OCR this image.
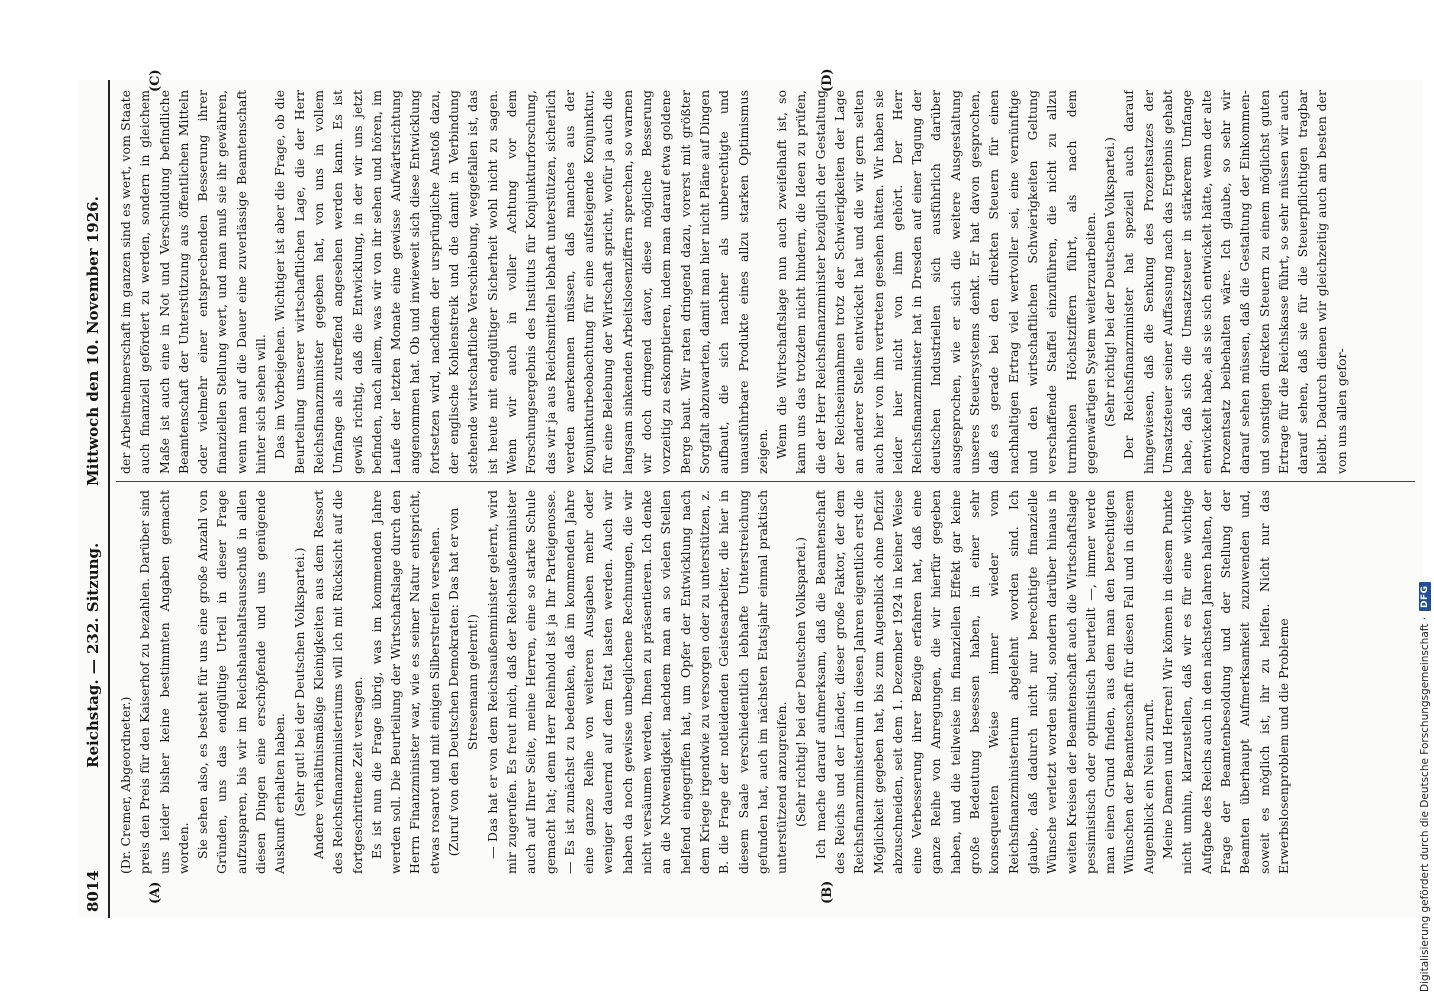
8014
Reichstag. — 232. Sitzung.
Mittwoch den 10. November 1926.
(A)	(B)
(C)	(D)

(Dr. Cremer, Abgeordneter.) preis den Preis für den Kaiserhof zu bezahlen. Darüber sind uns leider bisher keine bestimmten Angaben gemacht worden. Sie sehen also, es besteht für uns eine große Anzahl von Gründen, uns das endgültige Urteil in dieser Frage aufzusparen, bis wir im Reichshaushaltsausschuß in allen diesen Dingen eine erschöpfende und uns genügende Auskunft erhalten haben. (Sehr gut! bei der Deutschen Volkspartei.) Andere verhältnismäßige Kleinigkeiten aus dem Ressort des Reichsfinanzministeriums will ich mit Rücksicht auf die fortgeschrittene Zeit versagen. Es ist nun die Frage übrig, was im kommenden Jahre werden soll. Die Beurteilung der Wirtschaftslage durch den Herrn Finanzminister war, wie es seiner Natur entspricht, etwas rosarot und mit einigen Silberstreifen versehen. (Zuruf von den Deutschen Demokraten: Das hat er von Stresemann gelernt!) — Das hat er von dem Reichsaußenminister gelernt, wird mir zugerufen. Es freut mich, daß der Reichsaußenminister auch auf Ihrer Seite, meine Herren, eine so starke Schule gemacht hat; denn Herr Reinhold ist ja Ihr Parteigenosse. — Es ist zunächst zu bedenken, daß im kommenden Jahre eine ganze Reihe von weiteren Ausgaben mehr oder weniger dauernd auf dem Etat lasten werden. Auch wir haben da noch gewisse unbeglichene Rechnungen, die wir nicht versäumen werden, Ihnen zu präsentieren. Ich denke an die Notwendigkeit, nachdem man an so vielen Stellen helfend eingegriffen hat, um Opfer der Entwicklung nach dem Kriege irgendwie zu versorgen oder zu unterstützen, z. B. die Frage der notleidenden Geistesarbeiter, die hier in diesem Saale verschiedentlich lebhafte Unterstreichung gefunden hat, auch im nächsten Etatsjahr einmal praktisch unterstützend anzugreifen. (Sehr richtig! bei der Deutschen Volkspartei.) Ich mache darauf aufmerksam, daß die Beamtenschaft des Reichs und der Länder, dieser große Faktor, der dem Reichsfinanzministerium in diesen Jahren eigentlich erst die Möglichkeit gegeben hat, bis zum Augenblick ohne Defizit abzuschneiden, seit dem 1. Dezember 1924 in keiner Weise eine Verbesserung ihrer Bezüge erfahren hat, daß eine ganze Reihe von Anregungen, die wir hierfür gegeben haben, und die teilweise im finanziellen Effekt gar keine große Bedeutung besessen haben, in einer sehr konsequenten Weise immer wieder vom Reichsfinanzministerium abgelehnt worden sind. Ich glaube, daß dadurch nicht nur berechtigte finanzielle Wünsche verletzt worden sind, sondern darüber hinaus in weiten Kreisen der Beamtenschaft auch die Wirtschaftslage pessimistisch oder optimistisch beurteilt —, immer werde man einen Grund finden, aus dem man den berechtigten Wünschen der Beamtenschaft für diesen Fall und in diesem Augenblick ein Nein zuruft. Meine Damen und Herren! Wir können in diesem Punkte nicht umhin, klarzustellen, daß wir es für eine wichtige Aufgabe des Reichs auch in den nächsten Jahren halten, der Frage der Beamtenbesoldung und der Stellung der Beamten überhaupt Aufmerksamkeit zuzuwenden und, soweit es möglich ist, ihr zu helfen. Nicht nur das Erwerbslosenproblem und die Probleme

der Arbeitnehmerschaft im ganzen sind es wert, vom Staate auch finanziell gefördert zu werden, sondern in gleichem Maße ist auch eine in Not und Verschuldung befindliche Beamtenschaft der Unterstützung aus öffentlichen Mitteln oder vielmehr einer entsprechenden Besserung ihrer finanziellen Stellung wert, und man muß sie ihr gewähren, wenn man auf die Dauer eine zuverlässige Beamtenschaft hinter sich sehen will. Das im Vorbeigehen. Wichtiger ist aber die Frage, ob die Beurteilung unserer wirtschaftlichen Lage, die der Herr Reichsfinanzminister gegeben hat, von uns in vollem Umfange als zutreffend angesehen werden kann. Es ist gewiß richtig, daß die Entwicklung, in der wir uns jetzt befinden, nach allem, was wir von ihr sehen und hören, im Laufe der letzten Monate eine gewisse Aufwärtsrichtung angenommen hat. Ob und inwieweit sich diese Entwicklung fortsetzen wird, nachdem der ursprüngliche Anstoß dazu, der englische Kohlenstreik und die damit in Verbindung stehende wirtschaftliche Verschiebung, weggefallen ist, das ist heute mit endgültiger Sicherheit wohl nicht zu sagen. Wenn wir auch in voller Achtung vor dem Forschungsergebnis des Instituts für Konjunkturforschung, das wir ja aus Reichsmitteln lebhaft unterstützen, sicherlich werden anerkennen müssen, daß manches aus der Konjunkturbeobachtung für eine aufsteigende Konjunktur, für eine Belebung der Wirtschaft spricht, wofür ja auch die langsam sinkenden Arbeitslosenziffern sprechen, so warnen wir doch dringend davor, diese mögliche Besserung vorzeitig zu eskomptieren, indem man darauf etwa goldene Berge baut. Wir raten dringend dazu, vorerst mit größter Sorgfalt abzuwarten, damit man hier nicht Pläne auf Dingen aufbaut, die sich nachher als unberechtigte und unausführbare Produkte eines allzu starken Optimismus zeigen. Wenn die Wirtschaftslage nun auch zweifelhaft ist, so kann uns das trotzdem nicht hindern, die Ideen zu prüfen, die der Herr Reichsfinanzminister bezüglich der Gestaltung der Reichseinnahmen trotz der Schwierigkeiten der Lage an anderer Stelle entwickelt hat und die wir gern selten auch hier von ihm vertreten gesehen hätten. Wir haben sie leider hier nicht von ihm gehört. Der Herr Reichsfinanzminister hat in Dresden auf einer Tagung der deutschen Industriellen sich ausführlich darüber ausgesprochen, wie er sich die weitere Ausgestaltung unseres Steuersystems denkt. Er hat davon gesprochen, daß es gerade bei den direkten Steuern für einen nachhaltigen Ertrag viel wertvoller sei, eine vernünftige und den wirtschaftlichen Schwierigkeiten Geltung verschaffende Staffel einzuführen, die nicht zu allzu turmhohen Höchstziffern führt, als nach dem gegenwärtigen System weiterzuarbeiten. (Sehr richtig! bei der Deutschen Volkspartei.) Der Reichsfinanzminister hat speziell auch darauf hingewiesen, daß die Senkung des Prozentsatzes der Umsatzsteuer seiner Auffassung nach das Ergebnis gehabt habe, daß sich die Umsatzsteuer in stärkerem Umfange entwickelt habe, als sie sich entwickelt hätte, wenn der alte Prozentsatz beibehalten wäre. Ich glaube, so sehr wir darauf sehen müssen, daß die Gestaltung der Einkommen- und sonstigen direkten Steuern zu einem möglichst guten Ertrage für die Reichskasse führt, so sehr müssen wir auch darauf sehen, daß sie für die Steuerpflichtigen tragbar bleibt. Dadurch dienen wir gleichzeitig auch am besten der von uns allen gefor-

Digitalisierung gefördert durch die Deutsche Forschungsgemeinschaft ·
DFG
